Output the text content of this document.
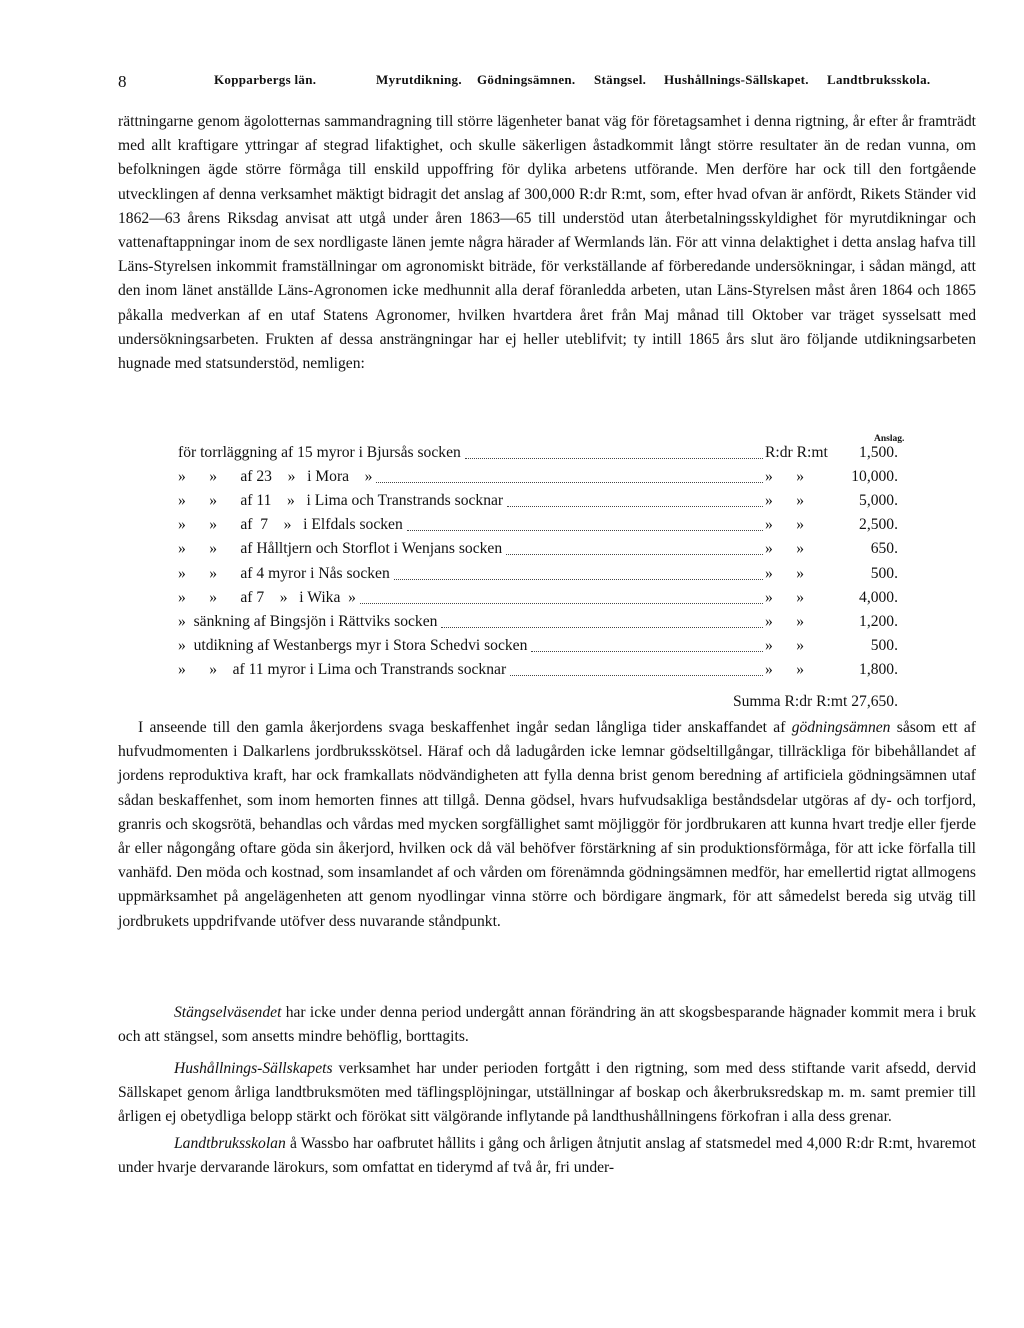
8	Kopparbergs län.	Myrutdikning. Gödningsämnen. Stängsel. Hushållnings-Sällskapet. Landtbruksskola.

rättningarne genom ägolotternas sammandragning till större lägenheter banat väg för företagsamhet i denna rigtning, år efter år framträdt med allt kraftigare yttringar af stegrad lifaktighet, och skulle säkerligen åstadkommit långt större resultater än de redan vunna, om befolkningen ägde större förmåga till enskild uppoffring för dylika arbetens utförande. Men derföre har ock till den fortgående utvecklingen af denna verksamhet mäktigt bidragit det anslag af 300,000 R:dr R:mt, som, efter hvad ofvan är anfördt, Rikets Ständer vid 1862—63 årens Riksdag anvisat att utgå under åren 1863—65 till understöd utan återbetalningsskyldighet för myrutdikningar och vattenaftappningar inom de sex nordligaste länen jemte några härader af Wermlands län. För att vinna delaktighet i detta anslag hafva till Läns-Styrelsen inkommit framställningar om agronomiskt biträde, för verkställande af förberedande undersökningar, i sådan mängd, att den inom länet anställde Läns-Agronomen icke medhunnit alla deraf föranledda arbeten, utan Läns-Styrelsen måst åren 1864 och 1865 påkalla medverkan af en utaf Statens Agronomer, hvilken hvartdera året från Maj månad till Oktober var träget sysselsatt med undersökningsarbeten. Frukten af dessa ansträngningar har ej heller uteblifvit; ty intill 1865 års slut äro följande utdikningsarbeten hugnade med statsunderstöd, nemligen:

Anslag.
för torrläggning af 15 myror i Bjursås socken	R:dr R:mt 1,500.
»      »      af 23    »   i Mora    »	»      »	10,000.
»      »      af 11    »   i Lima och Transtrands socknar	»      »	5,000.
»      »      af  7    »   i Elfdals socken	»      »	2,500.
»      »      af Hålltjern och Storflot i Wenjans socken	»      »	650.
»      »      af 4 myror i Nås socken	»      »	500.
»      »      af 7    »   i Wika  »	»      »	4,000.
»  sänkning af Bingsjön i Rättviks socken	»      »	1,200.
»  utdikning af Westanbergs myr i Stora Schedvi socken	»      »	500.
»      »    af 11 myror i Lima och Transtrands socknar	»      »	1,800.
Summa R:dr R:mt 27,650.

I anseende till den gamla åkerjordens svaga beskaffenhet ingår sedan långliga tider anskaffandet af gödningsämnen såsom ett af hufvudmomenten i Dalkarlens jordbruksskötsel. Häraf och då ladugården icke lemnar gödseltillgångar, tillräckliga för bibehållandet af jordens reproduktiva kraft, har ock framkallats nödvändigheten att fylla denna brist genom beredning af artificiela gödningsämnen utaf sådan beskaffenhet, som inom hemorten finnes att tillgå. Denna gödsel, hvars hufvudsakliga beståndsdelar utgöras af dy- och torfjord, granris och skogsrötä, behandlas och vårdas med mycken sorgfällighet samt möjliggör för jordbrukaren att kunna hvart tredje eller fjerde år eller någongång oftare göda sin åkerjord, hvilken ock då väl behöfver förstärkning af sin produktionsförmåga, för att icke förfalla till vanhäfd. Den möda och kostnad, som insamlandet af och vården om förenämnda gödningsämnen medför, har emellertid rigtat allmogens uppmärksamhet på angelägenheten att genom nyodlingar vinna större och bördigare ängmark, för att såmedelst bereda sig utväg till jordbrukets uppdrifvande utöfver dess nuvarande ståndpunkt.

Stängselväsendet har icke under denna period undergått annan förändring än att skogsbesparande hägnader kommit mera i bruk och att stängsel, som ansetts mindre behöflig, borttagits.

Hushållnings-Sällskapets verksamhet har under perioden fortgått i den rigtning, som med dess stiftande varit afsedd, dervid Sällskapet genom årliga landtbruksmöten med täflingsplöjningar, utställningar af boskap och åkerbruksredskap m. m. samt premier till årligen ej obetydliga belopp stärkt och förökat sitt välgörande inflytande på landthushållningens förkofran i alla dess grenar.

Landtbruksskolan å Wassbo har oafbrutet hållits i gång och årligen åtnjutit anslag af statsmedel med 4,000 R:dr R:mt, hvaremot under hvarje dervarande lärokurs, som omfattat en tiderymd af två år, fri under-
